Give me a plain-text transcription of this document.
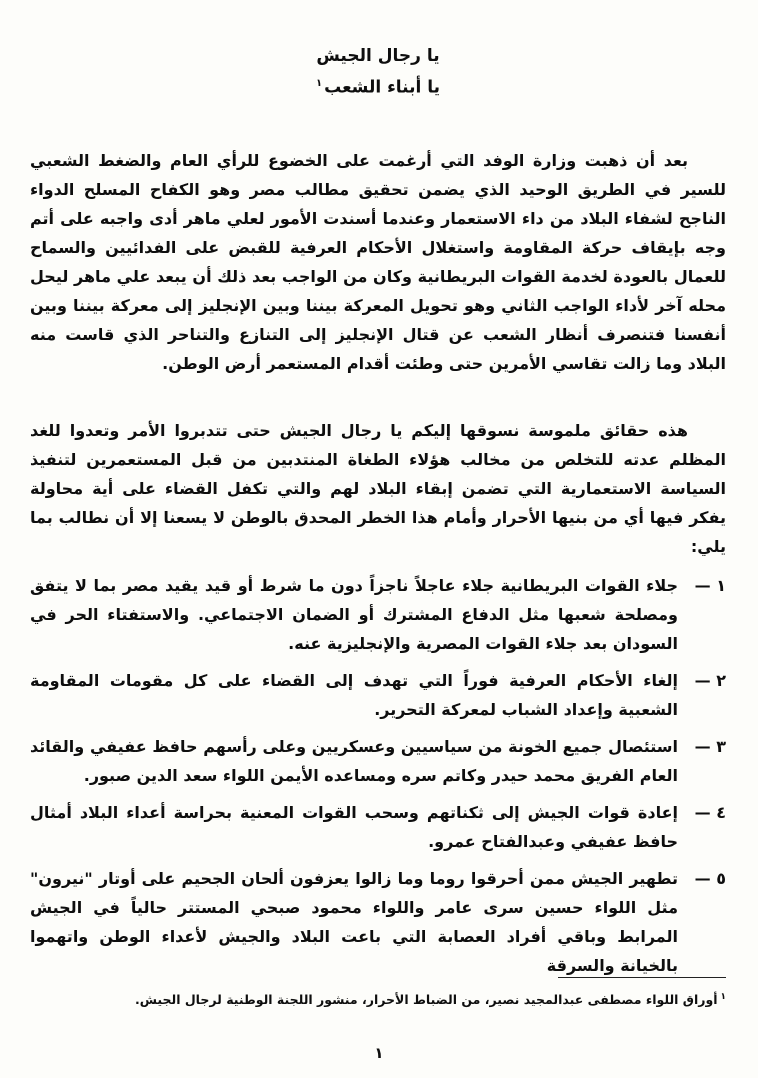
يا رجال الجيش
يا أبناء الشعب$^١$

بعد أن ذهبت وزارة الوفد التي أرغمت على الخضوع للرأي العام والضغط الشعبي للسير في الطريق الوحيد الذي يضمن تحقيق مطالب مصر وهو الكفاح المسلح الدواء الناجح لشفاء البلاد من داء الاستعمار وعندما أسندت الأمور لعلي ماهر أدى واجبه على أتم وجه بإيقاف حركة المقاومة واستغلال الأحكام العرفية للقبض على الفدائيين والسماح للعمال بالعودة لخدمة القوات البريطانية وكان من الواجب بعد ذلك أن يبعد علي ماهر ليحل محله آخر لأداء الواجب الثاني وهو تحويل المعركة بيننا وبين الإنجليز إلى معركة بيننا وبين أنفسنا فتنصرف أنظار الشعب عن قتال الإنجليز إلى التنازع والتناحر الذي قاست منه البلاد وما زالت تقاسي الأمرين حتى وطئت أقدام المستعمر أرض الوطن.

هذه حقائق ملموسة نسوقها إليكم يا رجال الجيش حتى تتدبروا الأمر وتعدوا للغد المظلم عدته للتخلص من مخالب هؤلاء الطغاة المنتدبين من قبل المستعمرين لتنفيذ السياسة الاستعمارية التي تضمن إبقاء البلاد لهم والتي تكفل القضاء على أية محاولة يفكر فيها أي من بنيها الأحرار وأمام هذا الخطر المحدق بالوطن لا يسعنا إلا أن نطالب بما يلي:

١ —
جلاء القوات البريطانية جلاء عاجلاً ناجزاً دون ما شرط أو قيد يقيد مصر بما لا يتفق ومصلحة شعبها مثل الدفاع المشترك أو الضمان الاجتماعي. والاستفتاء الحر في السودان بعد جلاء القوات المصرية والإنجليزية عنه.
٢ —
إلغاء الأحكام العرفية فوراً التي تهدف إلى القضاء على كل مقومات المقاومة الشعبية وإعداد الشباب لمعركة التحرير.
٣ —
استئصال جميع الخونة من سياسيين وعسكريين وعلى رأسهم حافظ عفيفي والقائد العام الفريق محمد حيدر وكاتم سره ومساعده الأيمن اللواء سعد الدين صبور.
٤ —
إعادة قوات الجيش إلى ثكناتهم وسحب القوات المعنية بحراسة أعداء البلاد أمثال حافظ عفيفي وعبدالفتاح عمرو.
٥ —
تطهير الجيش ممن أحرقوا روما وما زالوا يعزفون ألحان الجحيم على أوتار "نيرون" مثل اللواء حسين سرى عامر واللواء محمود صبحي المستتر حالياً في الجيش المرابط وباقي أفراد العصابة التي باعت البلاد والجيش لأعداء الوطن واتهموا بالخيانة والسرقة

$^١$أوراق اللواء مصطفى عبدالمجيد نصير، من الضباط الأحرار، منشور اللجنة الوطنية لرجال الجيش.

١
